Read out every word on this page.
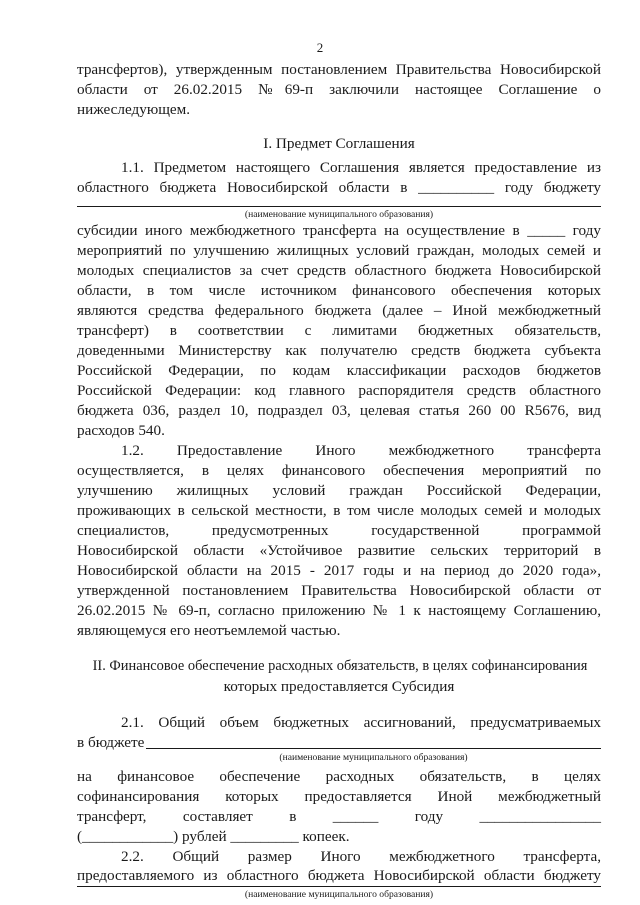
2

трансфертов), утвержденным постановлением Правительства Новосибирской

области от 26.02.2015 №69-п заключили настоящее Соглашение о

нижеследующем.

I. Предмет Соглашения

1.1. Предметом настоящего Соглашения является предоставление из

областного бюджета Новосибирской области в __________ году бюджету

(наименование муниципального образования)

субсидии иного межбюджетного трансферта на осуществление в _____ году

мероприятий по улучшению жилищных условий граждан, молодых семей и

молодых специалистов за счет средств областного бюджета Новосибирской

области, в том числе источником финансового обеспечения которых

являются средства федерального бюджета (далее – Иной межбюджетный

трансферт) в соответствии с лимитами бюджетных обязательств,

доведенными Министерству как получателю средств бюджета субъекта

Российской Федерации, по кодам классификации расходов бюджетов

Российской Федерации: код главного распорядителя средств областного

бюджета 036, раздел 10, подраздел 03, целевая статья 260 00 R5676, вид

расходов 540.

1.2. Предоставление Иного межбюджетного трансферта

осуществляется, в целях финансового обеспечения мероприятий по

улучшению жилищных условий граждан Российской Федерации,

проживающих в сельской местности, в том числе молодых семей и молодых

специалистов, предусмотренных государственной программой

Новосибирской области «Устойчивое развитие сельских территорий в

Новосибирской области на 2015 - 2017 годы и на период до 2020 года»,

утвержденной постановлением Правительства Новосибирской области от

26.02.2015 № 69-п, согласно приложению № 1 к настоящему Соглашению,

являющемуся его неотъемлемой частью.

II. Финансовое обеспечение расходных обязательств, в целях софинансирования

которых предоставляется Субсидия

2.1. Общий объем бюджетных ассигнований, предусматриваемых

в бюджете

(наименование муниципального образования)

на финансовое обеспечение расходных обязательств, в целях

софинансирования которых предоставляется Иной межбюджетный

трансферт, составляет в ______ году ________________

(____________) рублей _________ копеек.

2.2. Общий размер Иного межбюджетного трансферта,

предоставляемого из областного бюджета Новосибирской области бюджету

(наименование муниципального образования)
